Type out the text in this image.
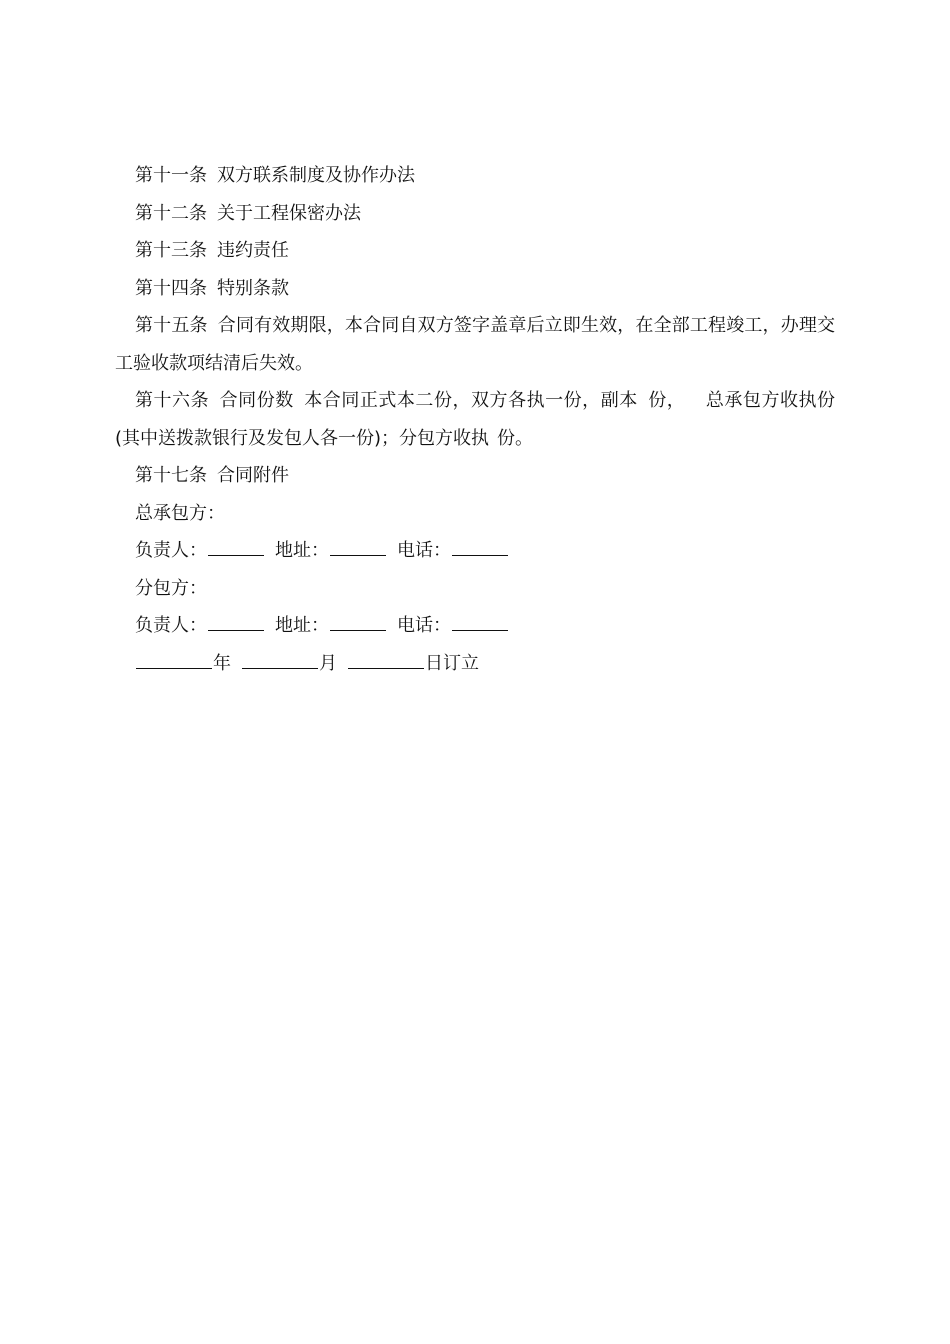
第十一条 双方联系制度及协作办法
第十二条 关于工程保密办法
第十三条 违约责任
第十四条 特别条款
第十五条 合同有效期限，本合同自双方签字盖章后立即生效，在全部工程竣工，办理交工验收款项结清后失效。
第十六条 合同份数 本合同正式本二份，双方各执一份，副本 份， 总承包方收执份(其中送拨款银行及发包人各一份)；分包方收执 份。
第十七条 合同附件
总承包方：
负责人：	地址：	电话：
分包方：
负责人：	地址：	电话：
年	月	日订立
